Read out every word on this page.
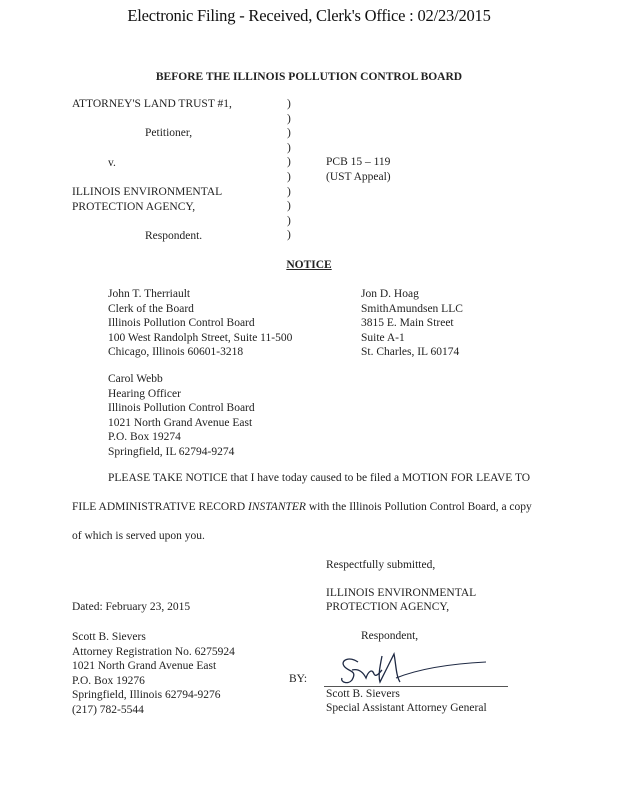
Electronic Filing - Received, Clerk's Office : 02/23/2015
BEFORE THE ILLINOIS POLLUTION CONTROL BOARD
ATTORNEY'S LAND TRUST #1,
Petitioner,
v.
ILLINOIS ENVIRONMENTAL
PROTECTION AGENCY,
Respondent.
)
)
)
)
)
)
)
)
)
)
PCB 15 – 119
(UST Appeal)
NOTICE
John T. Therriault
Clerk of the Board
Illinois Pollution Control Board
100 West Randolph Street, Suite 11-500
Chicago, Illinois 60601-3218
Jon D. Hoag
SmithAmundsen LLC
3815 E. Main Street
Suite A-1
St. Charles, IL 60174
Carol Webb
Hearing Officer
Illinois Pollution Control Board
1021 North Grand Avenue East
P.O. Box 19274
Springfield, IL 62794-9274
PLEASE TAKE NOTICE that I have today caused to be filed a MOTION FOR LEAVE TO
FILE ADMINISTRATIVE RECORD INSTANTER with the Illinois Pollution Control Board, a copy
of which is served upon you.
Respectfully submitted,
ILLINOIS ENVIRONMENTAL
PROTECTION AGENCY,
Respondent,
Dated: February 23, 2015
Scott B. Sievers
Attorney Registration No. 6275924
1021 North Grand Avenue East
P.O. Box 19276
Springfield, Illinois 62794-9276
(217) 782-5544
BY:
Scott B. Sievers
Special Assistant Attorney General
